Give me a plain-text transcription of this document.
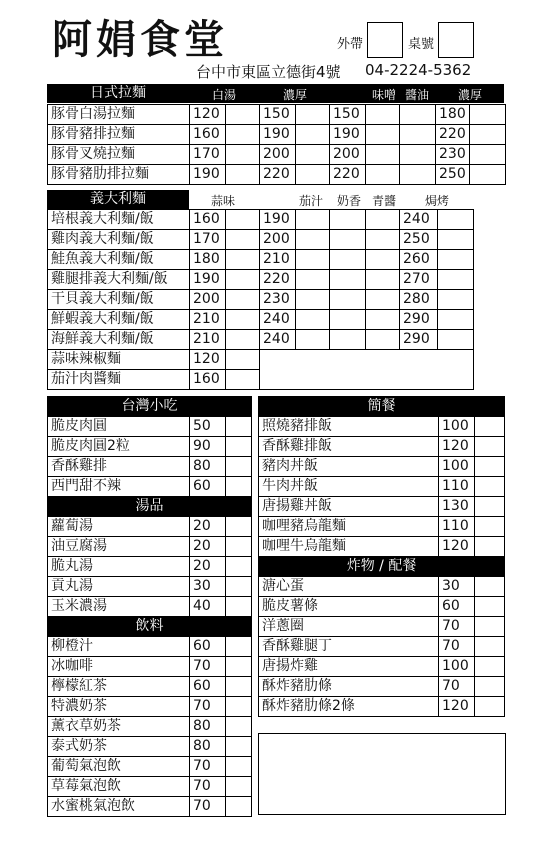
阿娟食堂	外帶	桌號
台中市東區立德街4號 04-2224-5362
日式拉麵	白湯	濃厚	味噌 醬油 濃厚
豚骨白湯拉麵	120		150		150			180	
豚骨豬排拉麵	160		190		190			220	
豚骨叉燒拉麵	170		200		200			230	
豚骨豬肋排拉麵	190		220		220			250	
義大利麵	蒜味	茄汁 奶香 青醬 焗烤
培根義大利麵/飯	160		190				240	
雞肉義大利麵/飯	170		200				250	
鮭魚義大利麵/飯	180		210				260	
雞腿排義大利麵/飯	190		220				270	
干貝義大利麵/飯	200		230				280	
鮮蝦義大利麵/飯	210		240				290	
海鮮義大利麵/飯	210		240				290	
蒜味辣椒麵	120		
茄汁肉醬麵	160		
台灣小吃		
脆皮肉圓	50	
脆皮肉圓2粒	90	
香酥雞排	80	
西門甜不辣	60	
湯品		
蘿蔔湯	20	
油豆腐湯	20	
脆丸湯	20	
貢丸湯	30	
玉米濃湯	40	
飲料		
柳橙汁	60	
冰咖啡	70	
檸檬紅茶	60	
特濃奶茶	70	
薰衣草奶茶	80	
泰式奶茶	80	
葡萄氣泡飲	70	
草莓氣泡飲	70	
水蜜桃氣泡飲	70	
簡餐		
照燒豬排飯	100	
香酥雞排飯	120	
豬肉丼飯	100	
牛肉丼飯	110	
唐揚雞丼飯	130	
咖哩豬烏龍麵	110	
咖哩牛烏龍麵	120	
炸物 / 配餐		
溏心蛋	30	
脆皮薯條	60	
洋蔥圈	70	
香酥雞腿丁	70	
唐揚炸雞	100	
酥炸豬肋條	70	
酥炸豬肋條2條	120	
